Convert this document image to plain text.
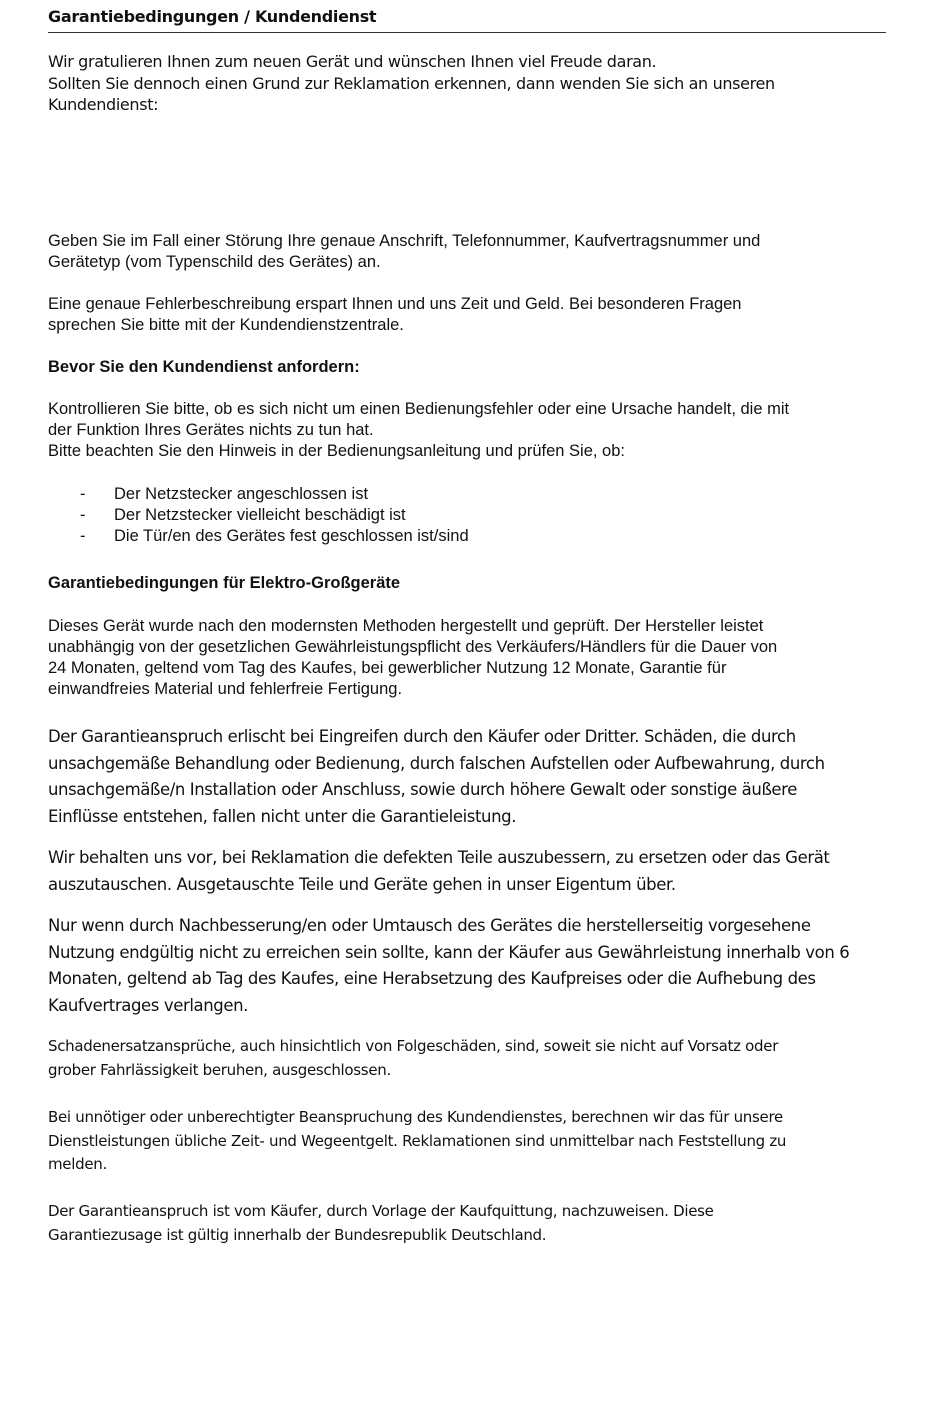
Garantiebedingungen / Kundendienst

Wir gratulieren Ihnen zum neuen Gerät und wünschen Ihnen viel Freude daran.
Sollten Sie dennoch einen Grund zur Reklamation erkennen, dann wenden Sie sich an unseren
Kundendienst:

Geben Sie im Fall einer Störung Ihre genaue Anschrift, Telefonnummer, Kaufvertragsnummer und
Gerätetyp (vom Typenschild des Gerätes) an.

Eine genaue Fehlerbeschreibung erspart Ihnen und uns Zeit und Geld. Bei besonderen Fragen
sprechen Sie bitte mit der Kundendienstzentrale.

Bevor Sie den Kundendienst anfordern:

Kontrollieren Sie bitte, ob es sich nicht um einen Bedienungsfehler oder eine Ursache handelt, die mit
der Funktion Ihres Gerätes nichts zu tun hat.
Bitte beachten Sie den Hinweis in der Bedienungsanleitung und prüfen Sie, ob:

- Der Netzstecker angeschlossen ist
- Der Netzstecker vielleicht beschädigt ist
- Die Tür/en des Gerätes fest geschlossen ist/sind
Garantiebedingungen für Elektro-Großgeräte

Dieses Gerät wurde nach den modernsten Methoden hergestellt und geprüft. Der Hersteller leistet
unabhängig von der gesetzlichen Gewährleistungspflicht des Verkäufers/Händlers für die Dauer von
24 Monaten, geltend vom Tag des Kaufes, bei gewerblicher Nutzung 12 Monate, Garantie für
einwandfreies Material und fehlerfreie Fertigung.

Der Garantieanspruch erlischt bei Eingreifen durch den Käufer oder Dritter. Schäden, die durch
unsachgemäße Behandlung oder Bedienung, durch falschen Aufstellen oder Aufbewahrung, durch
unsachgemäße/n Installation oder Anschluss, sowie durch höhere Gewalt oder sonstige äußere
Einflüsse entstehen, fallen nicht unter die Garantieleistung.

Wir behalten uns vor, bei Reklamation die defekten Teile auszubessern, zu ersetzen oder das Gerät
auszutauschen. Ausgetauschte Teile und Geräte gehen in unser Eigentum über.

Nur wenn durch Nachbesserung/en oder Umtausch des Gerätes die herstellerseitig vorgesehene
Nutzung endgültig nicht zu erreichen sein sollte, kann der Käufer aus Gewährleistung innerhalb von 6
Monaten, geltend ab Tag des Kaufes, eine Herabsetzung des Kaufpreises oder die Aufhebung des
Kaufvertrages verlangen.

Schadenersatzansprüche, auch hinsichtlich von Folgeschäden, sind, soweit sie nicht auf Vorsatz oder
grober Fahrlässigkeit beruhen, ausgeschlossen.

Bei unnötiger oder unberechtigter Beanspruchung des Kundendienstes, berechnen wir das für unsere
Dienstleistungen übliche Zeit- und Wegeentgelt. Reklamationen sind unmittelbar nach Feststellung zu
melden.

Der Garantieanspruch ist vom Käufer, durch Vorlage der Kaufquittung, nachzuweisen. Diese
Garantiezusage ist gültig innerhalb der Bundesrepublik Deutschland.
